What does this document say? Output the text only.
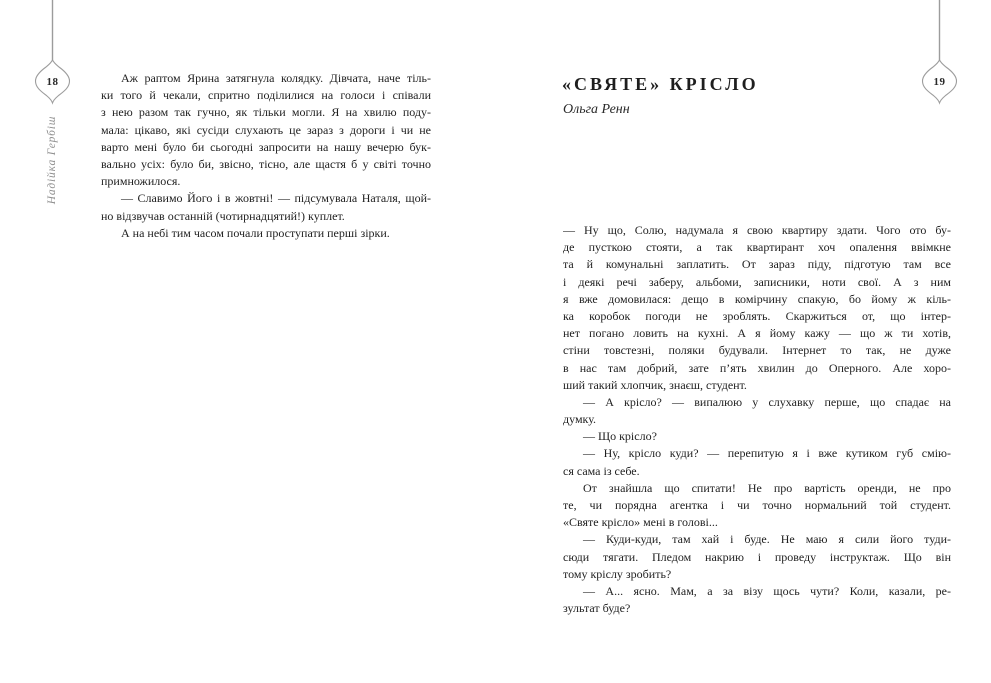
18	19
Надійка Гербіш
Аж раптом Ярина затягнула колядку. Дівчата, наче тіль-
ки того й чекали, спритно поділилися на голоси і співали
з нею разом так гучно, як тільки могли. Я на хвилю поду-
мала: цікаво, які сусіди слухають це зараз з дороги і чи не
варто мені було би сьогодні запросити на нашу вечерю бук-
вально усіх: було би, звісно, тісно, але щастя б у світі точно
примножилося.
— Славимо Його і в жовтні! — підсумувала Наталя, щой-
но відзвучав останній (чотирнадцятий!) куплет.
А на небі тим часом почали проступати перші зірки.
«СВЯТЕ» КРІСЛО
Ольга Ренн
— Ну що, Солю, надумала я свою квартиру здати. Чого ото бу-
де пусткою стояти, а так квартирант хоч опалення ввімкне
та й комунальні заплатить. От зараз піду, підготую там все
і деякі речі заберу, альбоми, записники, ноти свої. А з ним
я вже домовилася: дещо в комірчину спакую, бо йому ж кіль-
ка коробок погоди не зроблять. Скаржиться от, що інтер-
нет погано ловить на кухні. А я йому кажу — що ж ти хотів,
стіни товстезні, поляки будували. Інтернет то так, не дуже
в нас там добрий, зате п’ять хвилин до Оперного. Але хоро-
ший такий хлопчик, знаєш, студент.
— А крісло? — випалюю у слухавку перше, що спадає на
думку.
— Що крісло?
— Ну, крісло куди? — перепитую я і вже кутиком губ смію-
ся сама із себе.
От знайшла що спитати! Не про вартість оренди, не про
те, чи порядна агентка і чи точно нормальний той студент.
«Святе крісло» мені в голові...
— Куди-куди, там хай і буде. Не маю я сили його туди-
сюди тягати. Пледом накрию і проведу інструктаж. Що він
тому кріслу зробить?
— А... ясно. Мам, а за візу щось чути? Коли, казали, ре-
зультат буде?
